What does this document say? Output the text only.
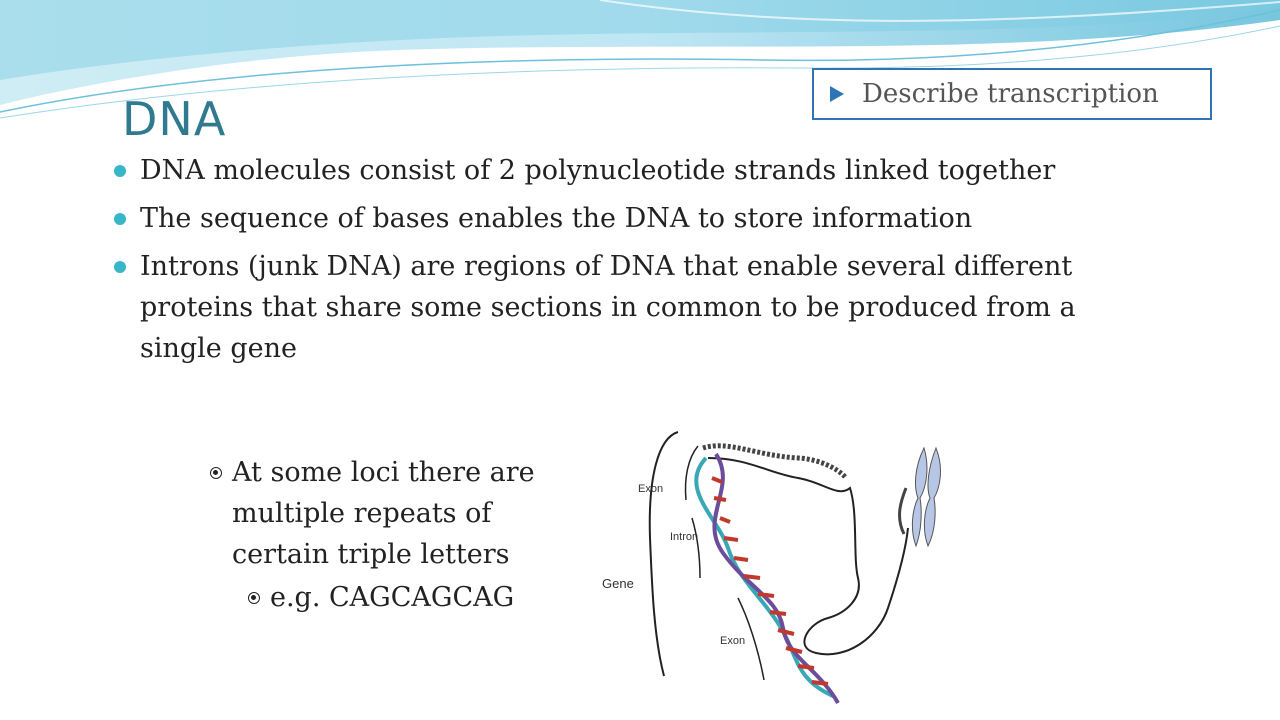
DNA	Describe transcription
DNA molecules consist of 2 polynucleotide strands linked together
The sequence of bases enables the DNA to store information
Introns (junk DNA) are regions of DNA that enable several different proteins that share some sections in common to be produced from a single gene
At some loci there are multiple repeats of certain triple letters
e.g. CAGCAGCAG
Exon
Intron
Gene
Exon
